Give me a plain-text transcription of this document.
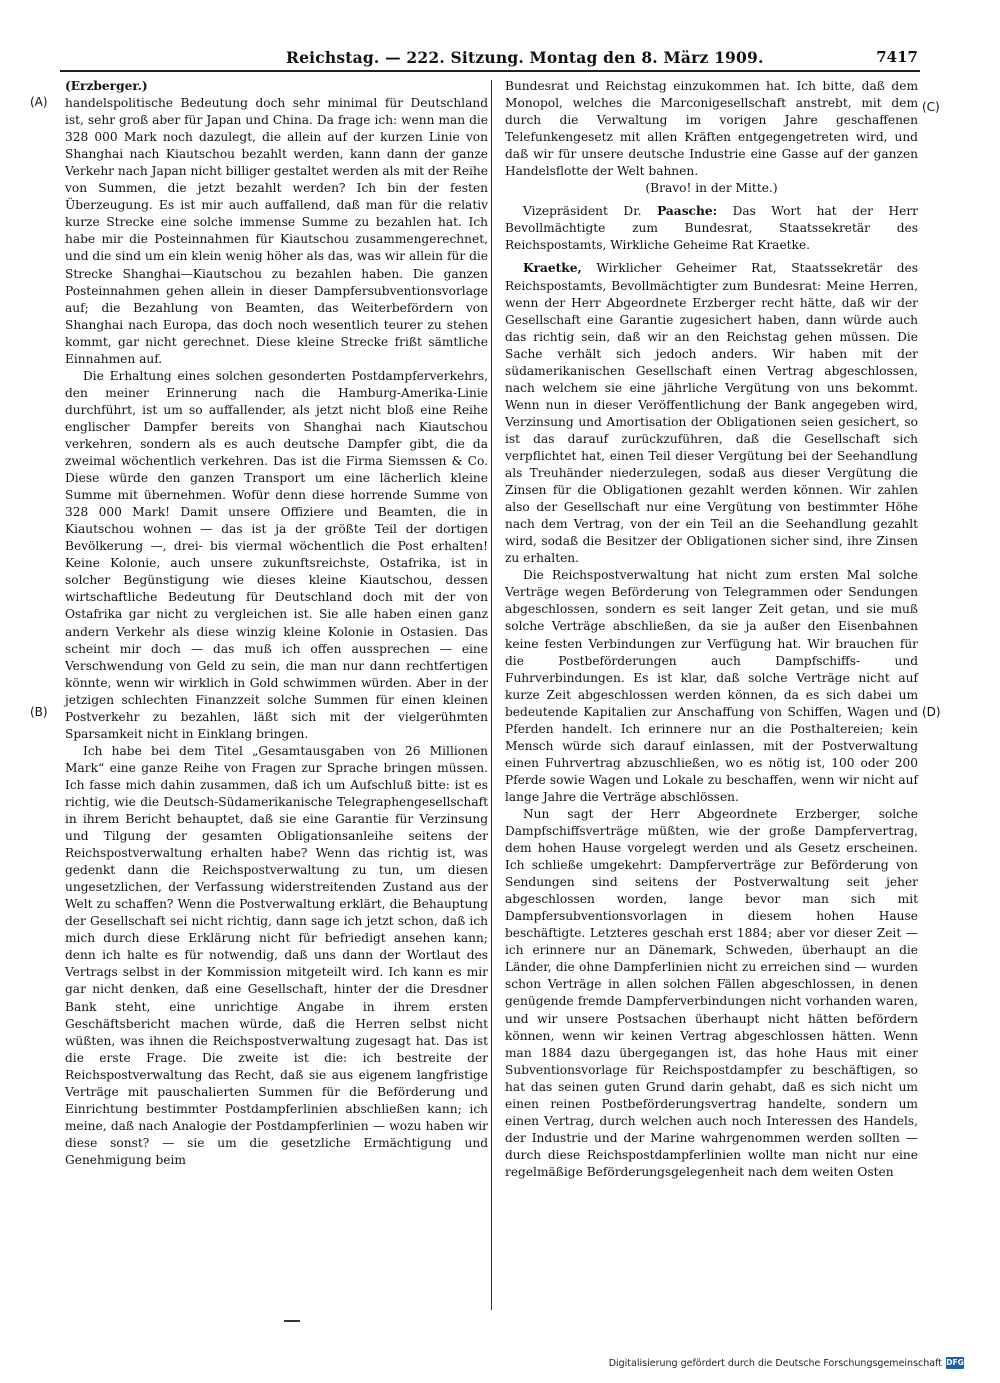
Reichstag. — 222. Sitzung. Montag den 8. März 1909.	7417
(A)
(B)
(C)
(D)

(Erzberger.)

handelspolitische Bedeutung doch sehr minimal für Deutschland ist, sehr groß aber für Japan und China. Da frage ich: wenn man die 328 000 Mark noch dazulegt, die allein auf der kurzen Linie von Shanghai nach Kiautschou bezahlt werden, kann dann der ganze Verkehr nach Japan nicht billiger gestaltet werden als mit der Reihe von Summen, die jetzt bezahlt werden? Ich bin der festen Überzeugung. Es ist mir auch auffallend, daß man für die relativ kurze Strecke eine solche immense Summe zu bezahlen hat. Ich habe mir die Posteinnahmen für Kiautschou zusammengerechnet, und die sind um ein klein wenig höher als das, was wir allein für die Strecke Shanghai—Kiautschou zu bezahlen haben. Die ganzen Posteinnahmen gehen allein in dieser Dampfersubventionsvorlage auf; die Bezahlung von Beamten, das Weiterbefördern von Shanghai nach Europa, das doch noch wesentlich teurer zu stehen kommt, gar nicht gerechnet. Diese kleine Strecke frißt sämtliche Einnahmen auf.

Die Erhaltung eines solchen gesonderten Postdampferverkehrs, den meiner Erinnerung nach die Hamburg-Amerika-Linie durchführt, ist um so auffallender, als jetzt nicht bloß eine Reihe englischer Dampfer bereits von Shanghai nach Kiautschou verkehren, sondern als es auch deutsche Dampfer gibt, die da zweimal wöchentlich verkehren. Das ist die Firma Siemssen & Co. Diese würde den ganzen Transport um eine lächerlich kleine Summe mit übernehmen. Wofür denn diese horrende Summe von 328 000 Mark! Damit unsere Offiziere und Beamten, die in Kiautschou wohnen — das ist ja der größte Teil der dortigen Bevölkerung —, drei- bis viermal wöchentlich die Post erhalten! Keine Kolonie, auch unsere zukunftsreichste, Ostafrika, ist in solcher Begünstigung wie dieses kleine Kiautschou, dessen wirtschaftliche Bedeutung für Deutschland doch mit der von Ostafrika gar nicht zu vergleichen ist. Sie alle haben einen ganz andern Verkehr als diese winzig kleine Kolonie in Ostasien. Das scheint mir doch — das muß ich offen aussprechen — eine Verschwendung von Geld zu sein, die man nur dann rechtfertigen könnte, wenn wir wirklich in Gold schwimmen würden. Aber in der jetzigen schlechten Finanzzeit solche Summen für einen kleinen Postverkehr zu bezahlen, läßt sich mit der vielgerühmten Sparsamkeit nicht in Einklang bringen.

Ich habe bei dem Titel „Gesamtausgaben von 26 Millionen Mark“ eine ganze Reihe von Fragen zur Sprache bringen müssen. Ich fasse mich dahin zusammen, daß ich um Aufschluß bitte: ist es richtig, wie die Deutsch-Südamerikanische Telegraphengesellschaft in ihrem Bericht behauptet, daß sie eine Garantie für Verzinsung und Tilgung der gesamten Obligationsanleihe seitens der Reichspostverwaltung erhalten habe? Wenn das richtig ist, was gedenkt dann die Reichspostverwaltung zu tun, um diesen ungesetzlichen, der Verfassung widerstreitenden Zustand aus der Welt zu schaffen? Wenn die Postverwaltung erklärt, die Behauptung der Gesellschaft sei nicht richtig, dann sage ich jetzt schon, daß ich mich durch diese Erklärung nicht für befriedigt ansehen kann; denn ich halte es für notwendig, daß uns dann der Wortlaut des Vertrags selbst in der Kommission mitgeteilt wird. Ich kann es mir gar nicht denken, daß eine Gesellschaft, hinter der die Dresdner Bank steht, eine unrichtige Angabe in ihrem ersten Geschäftsbericht machen würde, daß die Herren selbst nicht wüßten, was ihnen die Reichspostverwaltung zugesagt hat. Das ist die erste Frage. Die zweite ist die: ich bestreite der Reichspostverwaltung das Recht, daß sie aus eigenem langfristige Verträge mit pauschalierten Summen für die Beförderung und Einrichtung bestimmter Postdampferlinien abschließen kann; ich meine, daß nach Analogie der Postdampferlinien — wozu haben wir diese sonst? — sie um die gesetzliche Ermächtigung und Genehmigung beim

Bundesrat und Reichstag einzukommen hat. Ich bitte, daß dem Monopol, welches die Marconigesellschaft anstrebt, mit dem durch die Verwaltung im vorigen Jahre geschaffenen Telefunkengesetz mit allen Kräften entgegengetreten wird, und daß wir für unsere deutsche Industrie eine Gasse auf der ganzen Handelsflotte der Welt bahnen.

(Bravo! in der Mitte.)

Vizepräsident Dr. Paasche: Das Wort hat der Herr Bevollmächtigte zum Bundesrat, Staatssekretär des Reichspostamts, Wirkliche Geheime Rat Kraetke.

Kraetke, Wirklicher Geheimer Rat, Staatssekretär des Reichspostamts, Bevollmächtigter zum Bundesrat: Meine Herren, wenn der Herr Abgeordnete Erzberger recht hätte, daß wir der Gesellschaft eine Garantie zugesichert haben, dann würde auch das richtig sein, daß wir an den Reichstag gehen müssen. Die Sache verhält sich jedoch anders. Wir haben mit der südamerikanischen Gesellschaft einen Vertrag abgeschlossen, nach welchem sie eine jährliche Vergütung von uns bekommt. Wenn nun in dieser Veröffentlichung der Bank angegeben wird, Verzinsung und Amortisation der Obligationen seien gesichert, so ist das darauf zurückzuführen, daß die Gesellschaft sich verpflichtet hat, einen Teil dieser Vergütung bei der Seehandlung als Treuhänder niederzulegen, sodaß aus dieser Vergütung die Zinsen für die Obligationen gezahlt werden können. Wir zahlen also der Gesellschaft nur eine Vergütung von bestimmter Höhe nach dem Vertrag, von der ein Teil an die Seehandlung gezahlt wird, sodaß die Besitzer der Obligationen sicher sind, ihre Zinsen zu erhalten.

Die Reichspostverwaltung hat nicht zum ersten Mal solche Verträge wegen Beförderung von Telegrammen oder Sendungen abgeschlossen, sondern es seit langer Zeit getan, und sie muß solche Verträge abschließen, da sie ja außer den Eisenbahnen keine festen Verbindungen zur Verfügung hat. Wir brauchen für die Postbeförderungen auch Dampfschiffs- und Fuhrverbindungen. Es ist klar, daß solche Verträge nicht auf kurze Zeit abgeschlossen werden können, da es sich dabei um bedeutende Kapitalien zur Anschaffung von Schiffen, Wagen und Pferden handelt. Ich erinnere nur an die Posthaltereien; kein Mensch würde sich darauf einlassen, mit der Postverwaltung einen Fuhrvertrag abzuschließen, wo es nötig ist, 100 oder 200 Pferde sowie Wagen und Lokale zu beschaffen, wenn wir nicht auf lange Jahre die Verträge abschlössen.

Nun sagt der Herr Abgeordnete Erzberger, solche Dampfschiffsverträge müßten, wie der große Dampfervertrag, dem hohen Hause vorgelegt werden und als Gesetz erscheinen. Ich schließe umgekehrt: Dampferverträge zur Beförderung von Sendungen sind seitens der Postverwaltung seit jeher abgeschlossen worden, lange bevor man sich mit Dampfersubventionsvorlagen in diesem hohen Hause beschäftigte. Letzteres geschah erst 1884; aber vor dieser Zeit — ich erinnere nur an Dänemark, Schweden, überhaupt an die Länder, die ohne Dampferlinien nicht zu erreichen sind — wurden schon Verträge in allen solchen Fällen abgeschlossen, in denen genügende fremde Dampferverbindungen nicht vorhanden waren, und wir unsere Postsachen überhaupt nicht hätten befördern können, wenn wir keinen Vertrag abgeschlossen hätten. Wenn man 1884 dazu übergegangen ist, das hohe Haus mit einer Subventionsvorlage für Reichspostdampfer zu beschäftigen, so hat das seinen guten Grund darin gehabt, daß es sich nicht um einen reinen Postbeförderungsvertrag handelte, sondern um einen Vertrag, durch welchen auch noch Interessen des Handels, der Industrie und der Marine wahrgenommen werden sollten — durch diese Reichspostdampferlinien wollte man nicht nur eine regelmäßige Beförderungsgelegenheit nach dem weiten Osten

Digitalisierung gefördert durch die Deutsche Forschungsgemeinschaft DFG
